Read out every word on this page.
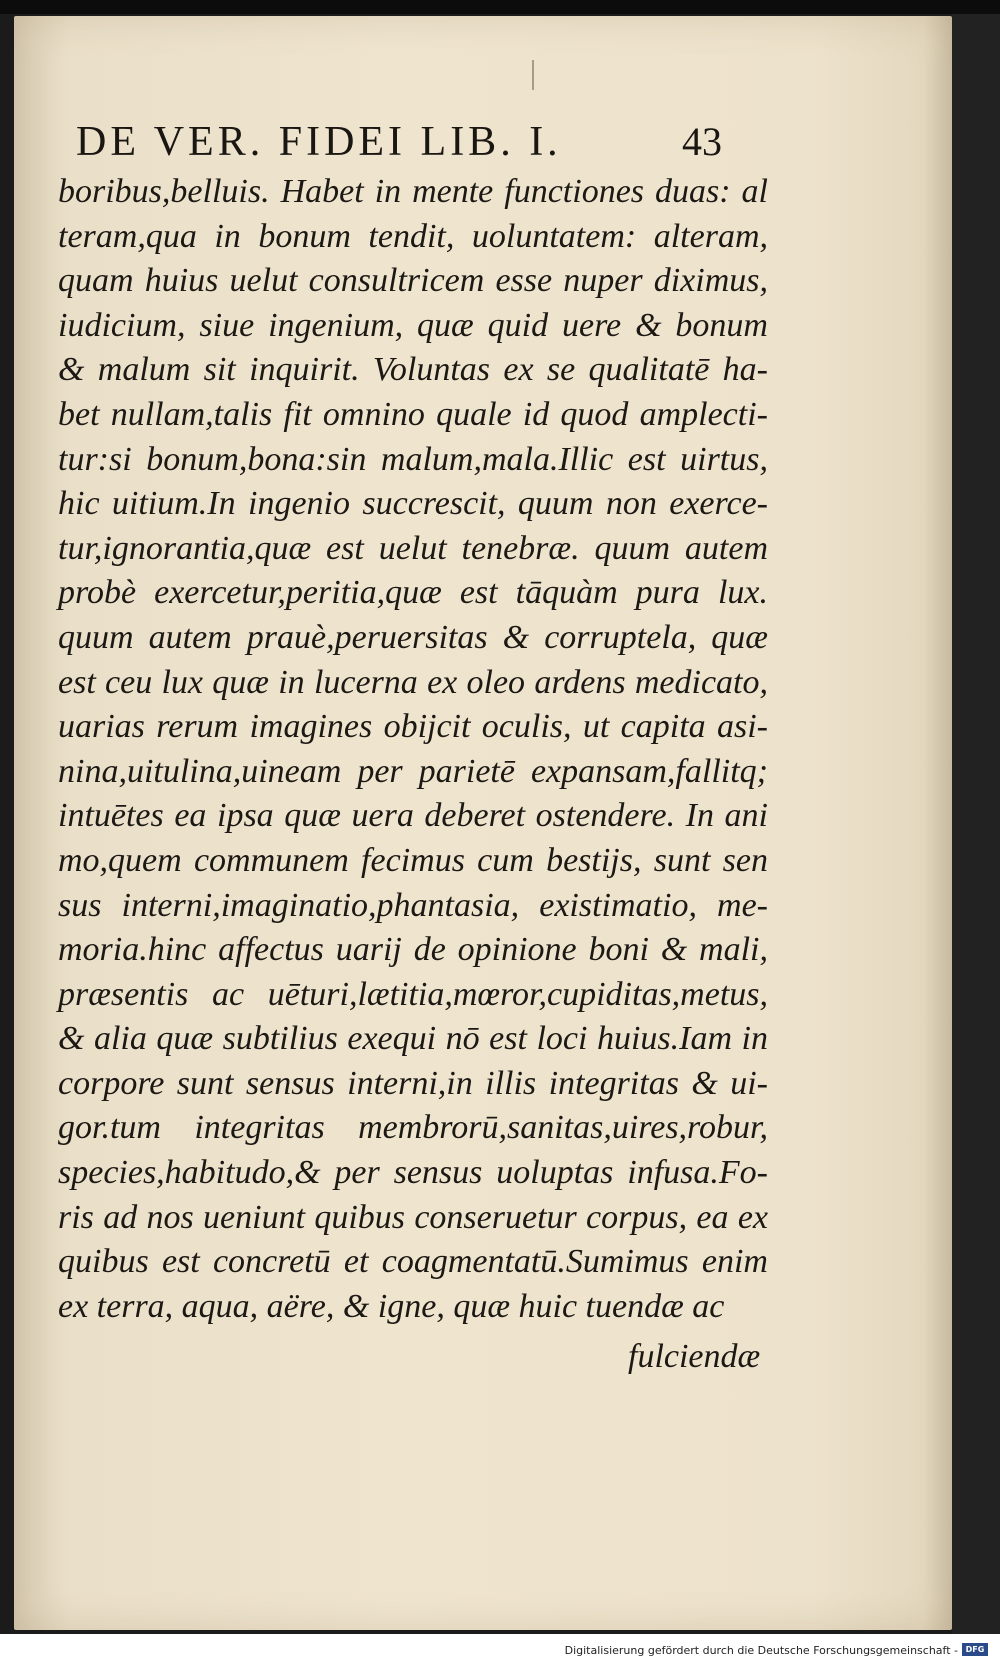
DE VER. FIDEI LIB. I.	43
boribus,belluis. Habet in mente functiones duas: al
teram,qua in bonum tendit, uoluntatem: alteram,
quam huius uelut consultricem esse nuper diximus,
iudicium, siue ingenium, quæ quid uere & bonum
& malum sit inquirit. Voluntas ex se qualitatē ha-
bet nullam,talis fit omnino quale id quod amplecti-
tur:si bonum,bona:sin malum,mala.Illic est uirtus,
hic uitium.In ingenio succrescit, quum non exerce-
tur,ignorantia,quæ est uelut tenebræ. quum autem
probè exercetur,peritia,quæ est tāquàm pura lux.
quum autem prauè,peruersitas & corruptela, quæ
est ceu lux quæ in lucerna ex oleo ardens medicato,
uarias rerum imagines obijcit oculis, ut capita asi-
nina,uitulina,uineam per parietē expansam,fallitq;
intuētes ea ipsa quæ uera deberet ostendere. In ani
mo,quem communem fecimus cum bestijs, sunt sen
sus interni,imaginatio,phantasia, existimatio, me-
moria.hinc affectus uarij de opinione boni & mali,
præsentis ac uēturi,lætitia,mœror,cupiditas,metus,
& alia quæ subtilius exequi nō est loci huius.Iam in
corpore sunt sensus interni,in illis integritas & ui-
gor.tum integritas membrorū,sanitas,uires,robur,
species,habitudo,& per sensus uoluptas infusa.Fo-
ris ad nos ueniunt quibus conseruetur corpus, ea ex
quibus est concretū et coagmentatū.Sumimus enim
ex terra, aqua, aëre, & igne, quæ huic tuendæ ac
fulciendæ
Digitalisierung gefördert durch die Deutsche Forschungsgemeinschaft - DFG
